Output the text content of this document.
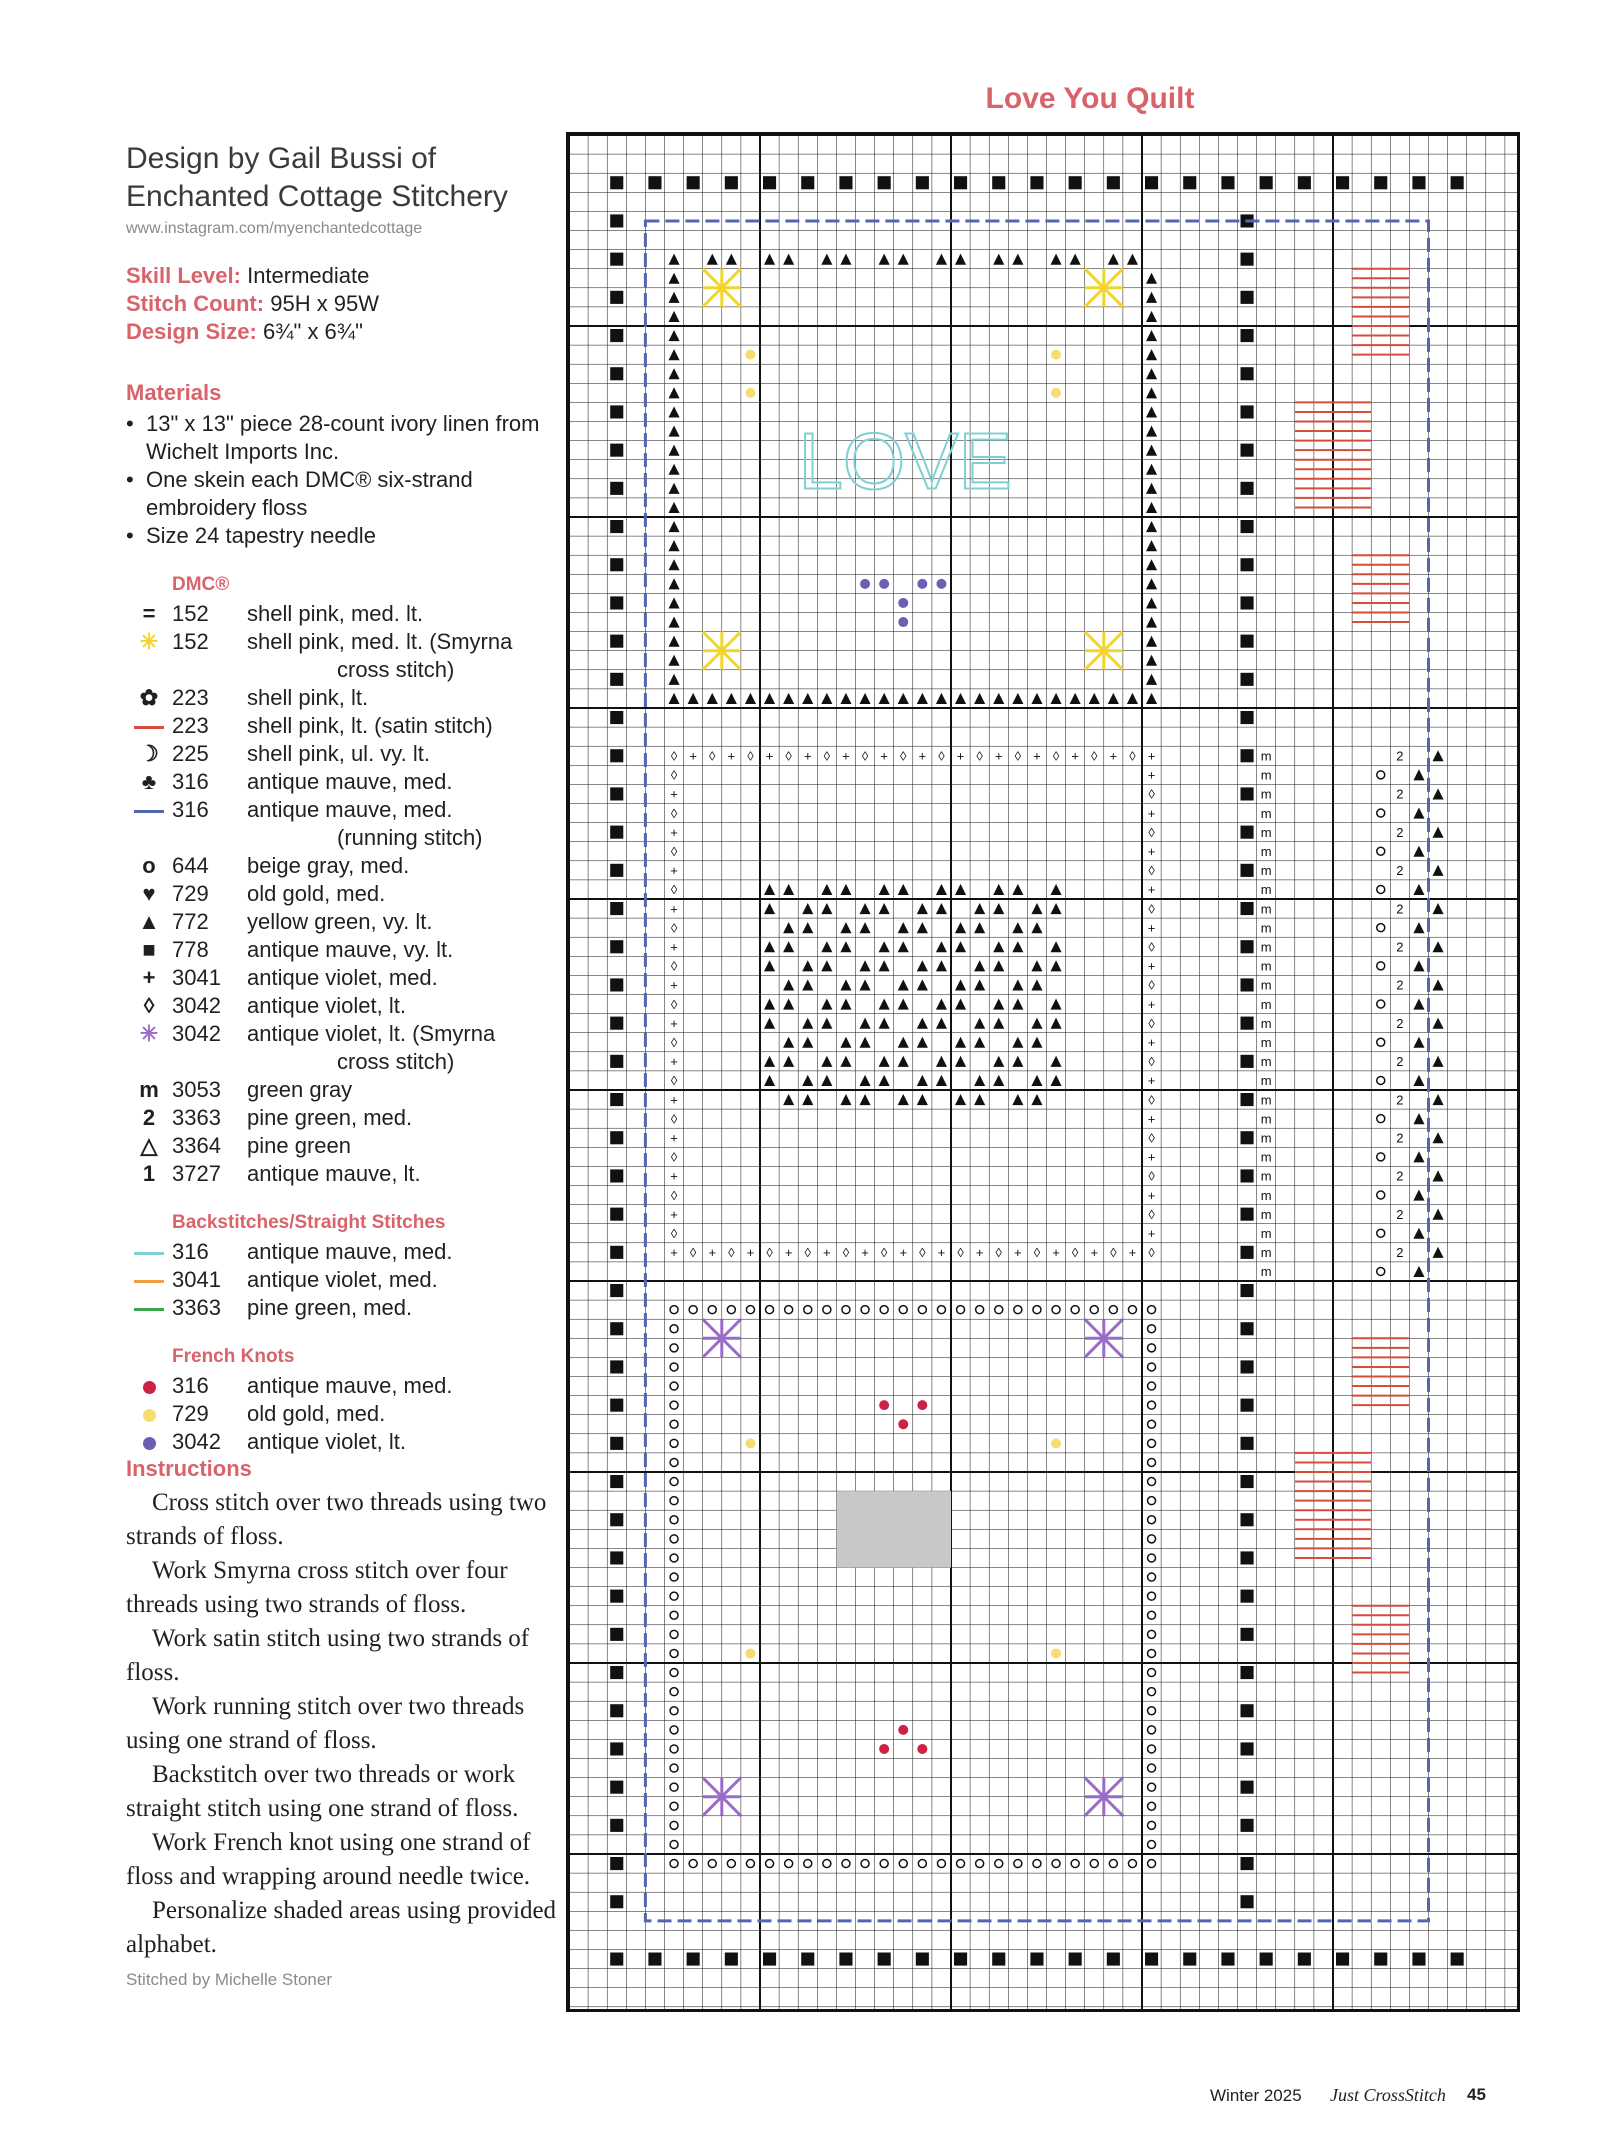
Love You Quilt

Design by Gail Bussi of

Enchanted Cottage Stitchery

www.instagram.com/myenchantedcottage

Skill Level: Intermediate

Stitch Count: 95H x 95W

Design Size: 6¾" x 6¾"

Materials
• 13" x 13" piece 28-count ivory linen from Wichelt Imports Inc.
• One skein each DMC® six-strand embroidery floss
• Size 24 tapestry needle
DMC®
= 152	shell pink, med. lt.
✳ 152	shell pink, med. lt. (Smyrna
cross stitch)
✿ 223	shell pink, lt.
223	shell pink, lt. (satin stitch)
☽ 225	shell pink, ul. vy. lt.
♣ 316	antique mauve, med.
316	antique mauve, med.
(running stitch)
o 644	beige gray, med.
♥ 729	old gold, med.
▲ 772	yellow green, vy. lt.
■ 778	antique mauve, vy. lt.
+ 3041	antique violet, med.
◊ 3042	antique violet, lt.
✳ 3042	antique violet, lt. (Smyrna
cross stitch)
m 3053	green gray
2 3363	pine green, med.
△ 3364	pine green
1 3727	antique mauve, lt.
Backstitches/Straight Stitches
316	antique mauve, med.
3041	antique violet, med.
3363	pine green, med.
French Knots
316	antique mauve, med.
729	old gold, med.
3042	antique violet, lt.
Instructions

Cross stitch over two threads using two strands of floss.

Work Smyrna cross stitch over four threads using two strands of floss.

Work satin stitch using two strands of floss.

Work running stitch over two threads using one strand of floss.

Backstitch over two threads or work straight stitch using one strand of floss.

Work French knot using one strand of floss and wrapping around needle twice.

Personalize shaded areas using provided alphabet.

Stitched by Michelle Stoner
◊
+
+
◊
◊
+
+
◊
◊
+
+
◊
◊
+
+
◊
◊
+
+
◊
◊
+
+
◊
◊
+
+
◊
◊
+
+
◊
◊
+
+
◊
◊
+
+
◊
◊
+
+
◊
◊
+
+
◊
◊
+
+
◊
◊	+
+	◊
◊	+
+	◊
◊	+
+	◊
◊	+
+	◊
◊	+
+	◊
◊	+
+	◊
◊	+
+	◊
◊	+
+	◊
◊	+
+	◊
◊	+
+	◊
◊	+
+	◊
◊	+
+	◊
◊	+
LOVE
m	2
m
m	2
m
m	2
m
m	2
m
m	2
m
m	2
m
m	2
m
m	2
m
m	2
m
m	2
m
m	2
m
m	2
m
m	2
m
m	2
m
Winter 2025 Just CrossStitch 45
